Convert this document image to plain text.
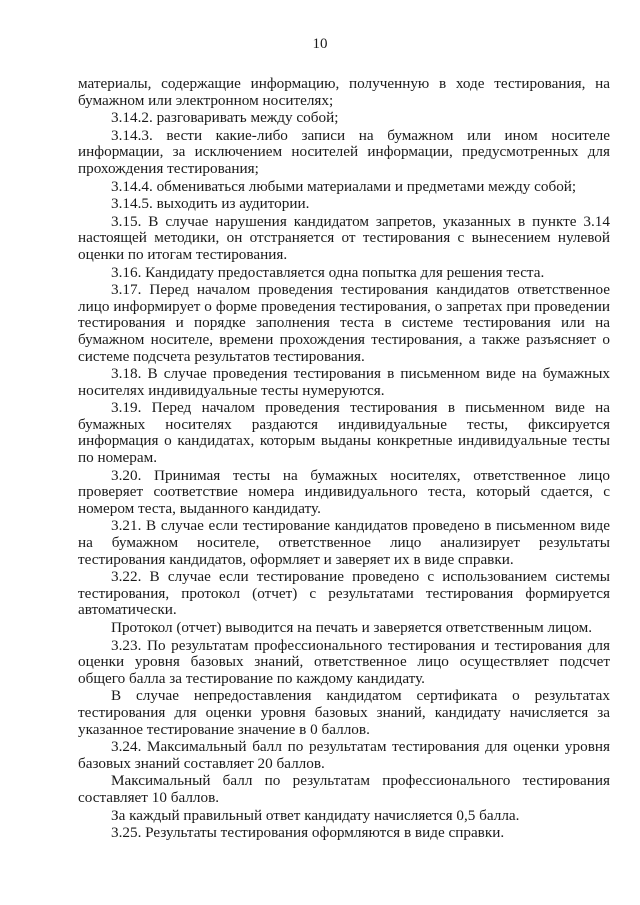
10

материалы, содержащие информацию, полученную в ходе тестирования, на бумажном или электронном носителях;

3.14.2. разговаривать между собой;

3.14.3. вести какие-либо записи на бумажном или ином носителе информации, за исключением носителей информации, предусмотренных для прохождения тестирования;

3.14.4. обмениваться любыми материалами и предметами между собой;

3.14.5. выходить из аудитории.

3.15. В случае нарушения кандидатом запретов, указанных в пункте 3.14 настоящей методики, он отстраняется от тестирования с вынесением нулевой оценки по итогам тестирования.

3.16. Кандидату предоставляется одна попытка для решения теста.

3.17. Перед началом проведения тестирования кандидатов ответственное лицо информирует о форме проведения тестирования, о запретах при проведении тестирования и порядке заполнения теста в системе тестирования или на бумажном носителе, времени прохождения тестирования, а также разъясняет о системе подсчета результатов тестирования.

3.18. В случае проведения тестирования в письменном виде на бумажных носителях индивидуальные тесты нумеруются.

3.19. Перед началом проведения тестирования в письменном виде на бумажных носителях раздаются индивидуальные тесты, фиксируется информация о кандидатах, которым выданы конкретные индивидуальные тесты по номерам.

3.20. Принимая тесты на бумажных носителях, ответственное лицо проверяет соответствие номера индивидуального теста, который сдается, с номером теста, выданного кандидату.

3.21. В случае если тестирование кандидатов проведено в письменном виде на бумажном носителе, ответственное лицо анализирует результаты тестирования кандидатов, оформляет и заверяет их в виде справки.

3.22. В случае если тестирование проведено с использованием системы тестирования, протокол (отчет) с результатами тестирования формируется автоматически.

Протокол (отчет) выводится на печать и заверяется ответственным лицом.

3.23. По результатам профессионального тестирования и тестирования для оценки уровня базовых знаний, ответственное лицо осуществляет подсчет общего балла за тестирование по каждому кандидату.

В случае непредоставления кандидатом сертификата о результатах тестирования для оценки уровня базовых знаний, кандидату начисляется за указанное тестирование значение в 0 баллов.

3.24. Максимальный балл по результатам тестирования для оценки уровня базовых знаний составляет 20 баллов.

Максимальный балл по результатам профессионального тестирования составляет 10 баллов.

За каждый правильный ответ кандидату начисляется 0,5 балла.

3.25. Результаты тестирования оформляются в виде справки.
